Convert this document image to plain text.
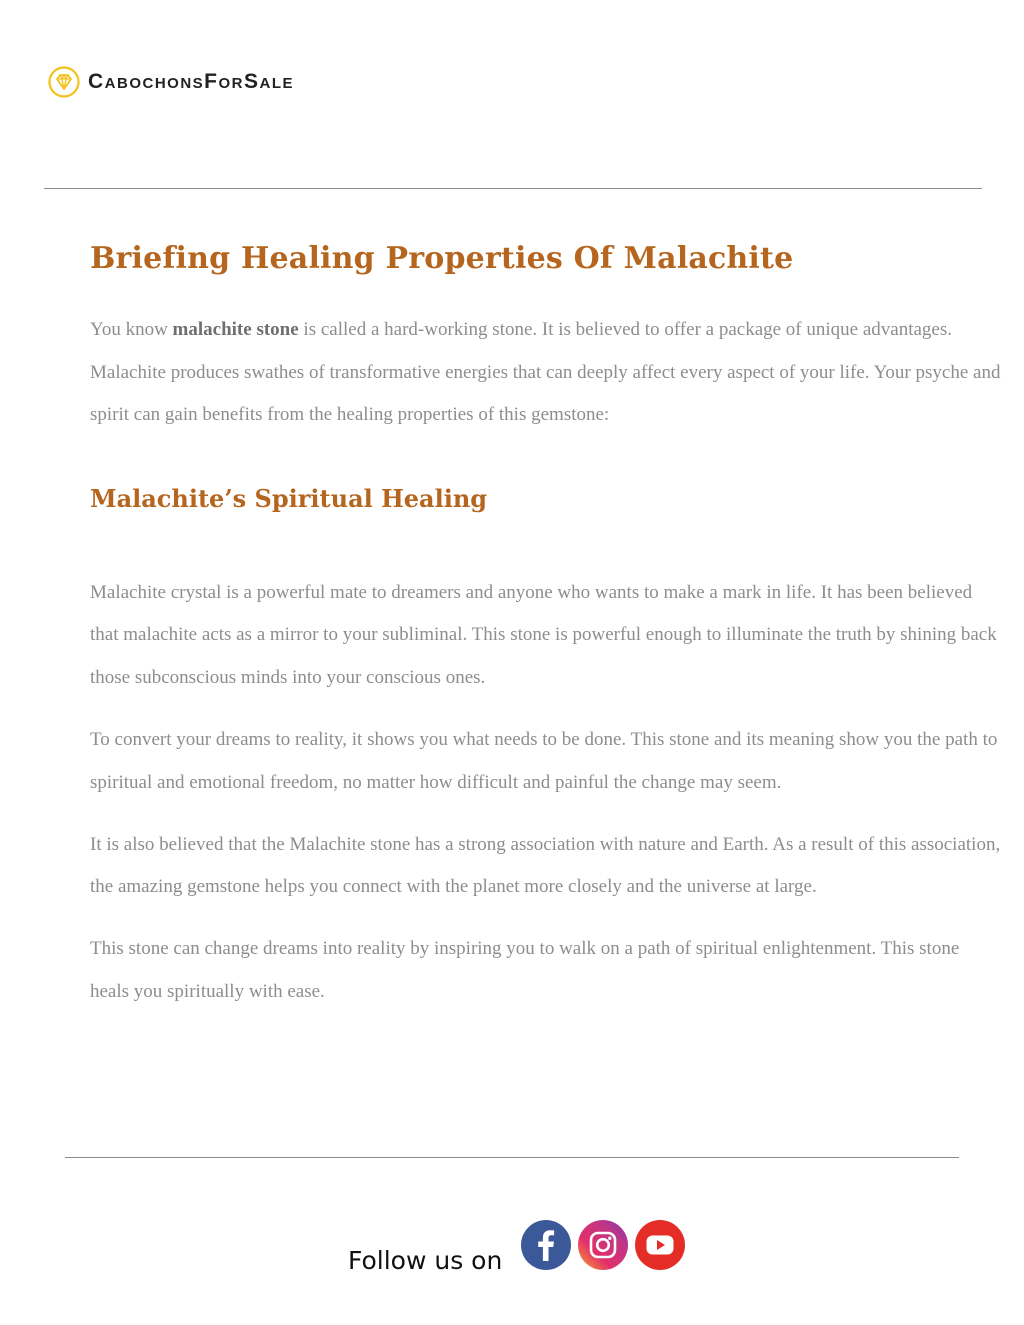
CabochonsForSale
Briefing Healing Properties Of Malachite

You know malachite stone is called a hard-working stone. It is believed to offer a package of unique advantages. Malachite produces swathes of transformative energies that can deeply affect every aspect of your life. Your psyche and spirit can gain benefits from the healing properties of this gemstone:

Malachite’s Spiritual Healing

Malachite crystal is a powerful mate to dreamers and anyone who wants to make a mark in life. It has been believed that malachite acts as a mirror to your subliminal. This stone is powerful enough to illuminate the truth by shining back those subconscious minds into your conscious ones.

To convert your dreams to reality, it shows you what needs to be done. This stone and its meaning show you the path to spiritual and emotional freedom, no matter how difficult and painful the change may seem.

It is also believed that the Malachite stone has a strong association with nature and Earth. As a result of this association, the amazing gemstone helps you connect with the planet more closely and the universe at large.

This stone can change dreams into reality by inspiring you to walk on a path of spiritual enlightenment. This stone heals you spiritually with ease.

Follow us on
